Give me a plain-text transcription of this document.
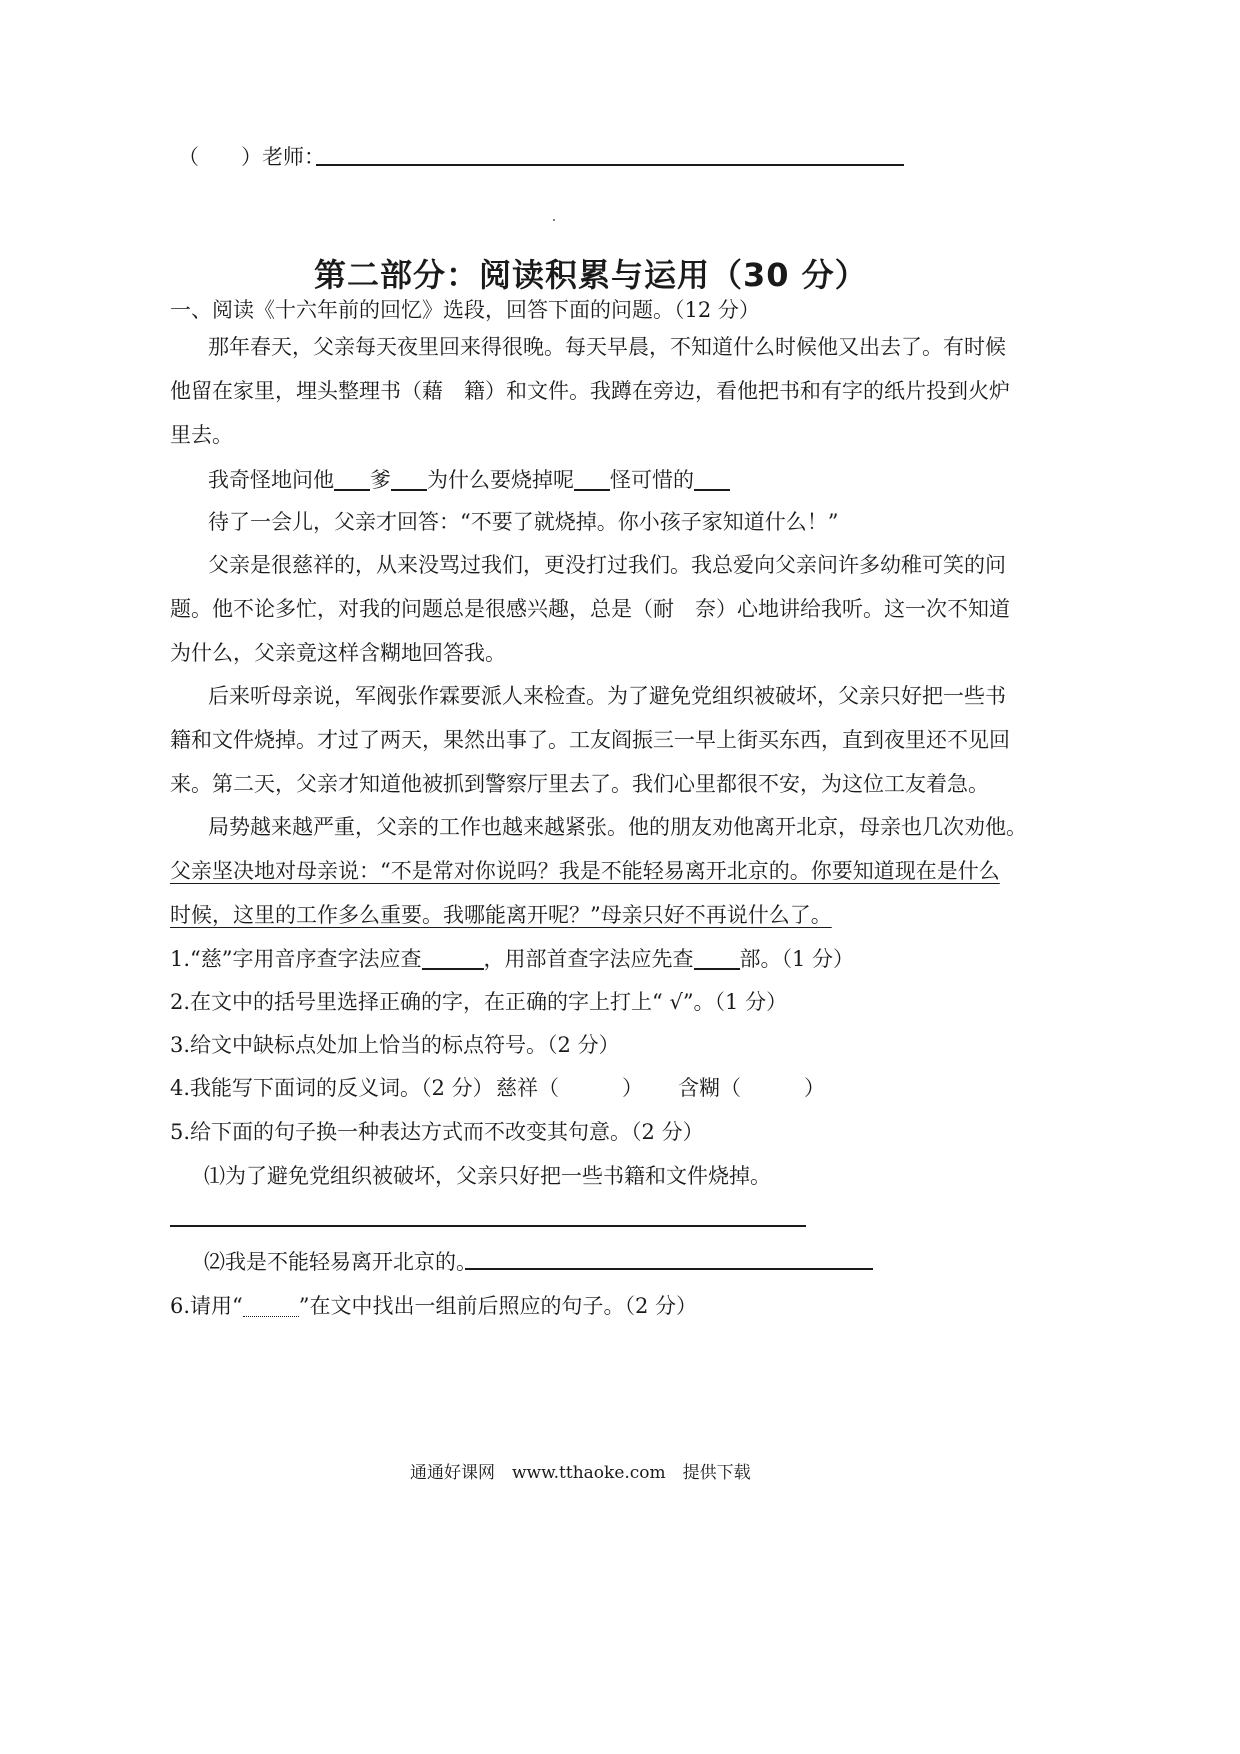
（　　）老师：
第二部分：阅读积累与运用（30 分）
一、阅读《十六年前的回忆》选段，回答下面的问题。（12 分）
那年春天，父亲每天夜里回来得很晚。每天早晨，不知道什么时候他又出去了。有时候
他留在家里，埋头整理书（藉　籍）和文件。我蹲在旁边，看他把书和有字的纸片投到火炉
里去。
我奇怪地问他 爹 为什么要烧掉呢 怪可惜的
待了一会儿，父亲才回答：“不要了就烧掉。你小孩子家知道什么！”
父亲是很慈祥的，从来没骂过我们，更没打过我们。我总爱向父亲问许多幼稚可笑的问
题。他不论多忙，对我的问题总是很感兴趣，总是（耐　奈）心地讲给我听。这一次不知道
为什么，父亲竟这样含糊地回答我。
后来听母亲说，军阀张作霖要派人来检查。为了避免党组织被破坏，父亲只好把一些书
籍和文件烧掉。才过了两天，果然出事了。工友阎振三一早上街买东西，直到夜里还不见回
来。第二天，父亲才知道他被抓到警察厅里去了。我们心里都很不安，为这位工友着急。
局势越来越严重，父亲的工作也越来越紧张。他的朋友劝他离开北京，母亲也几次劝他。
父亲坚决地对母亲说：“不是常对你说吗？我是不能轻易离开北京的。你要知道现在是什么
时候，这里的工作多么重要。我哪能离开呢？”母亲只好不再说什么了。
1.“慈”字用音序查字法应查	，用部首查字法应先查 部。（1 分）
2.在文中的括号里选择正确的字，在正确的字上打上“ √”。（1 分）
3.给文中缺标点处加上恰当的标点符号。（2 分）
4.我能写下面词的反义词。（2 分） 慈祥（　　　） 含糊（　　　）
5.给下面的句子换一种表达方式而不改变其句意。（2 分）
⑴为了避免党组织被破坏，父亲只好把一些书籍和文件烧掉。
⑵我是不能轻易离开北京的。
6.请用“	”在文中找出一组前后照应的句子。（2 分）
通通好课网　www.tthaoke.com　提供下载
